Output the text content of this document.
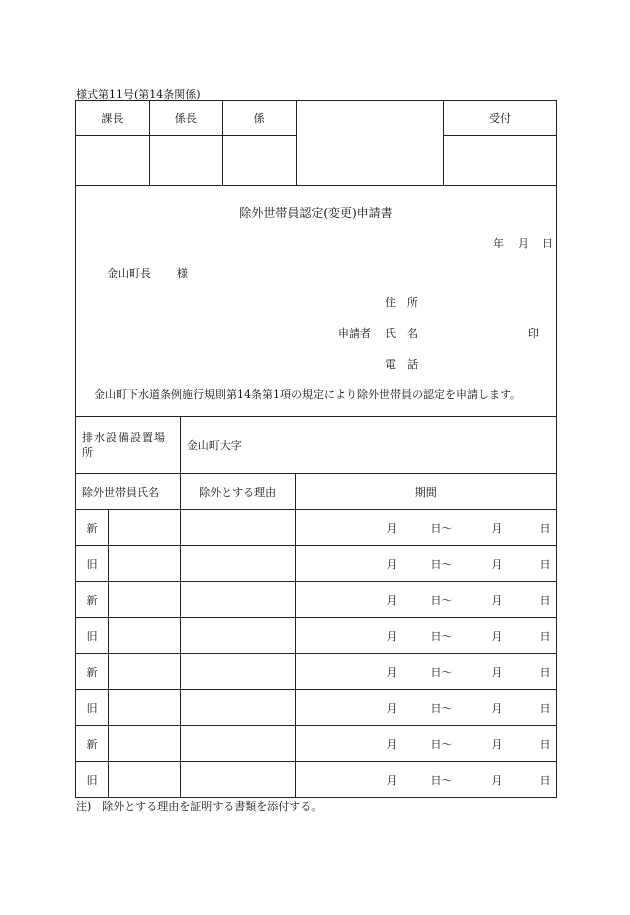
様式第11号(第14条関係)
課長	係長	係		受付

除外世帯員認定(変更)申請書
年 月 日
金山町長 様
住　所
申請者 氏　名	印
電　話
金山町下水道条例施行規則第14条第1項の規定により除外世帯員の認定を申請します。
排水設備設置場所		金山町大字	
除外世帯員氏名		除外とする理由	期間
新			月 日〜 月 日

旧			月 日〜 月 日

新			月 日〜 月 日

旧			月 日〜 月 日

新			月 日〜 月 日

旧			月 日〜 月 日

新			月 日〜 月 日

旧			月 日〜 月 日
注)　除外とする理由を証明する書類を添付する。
